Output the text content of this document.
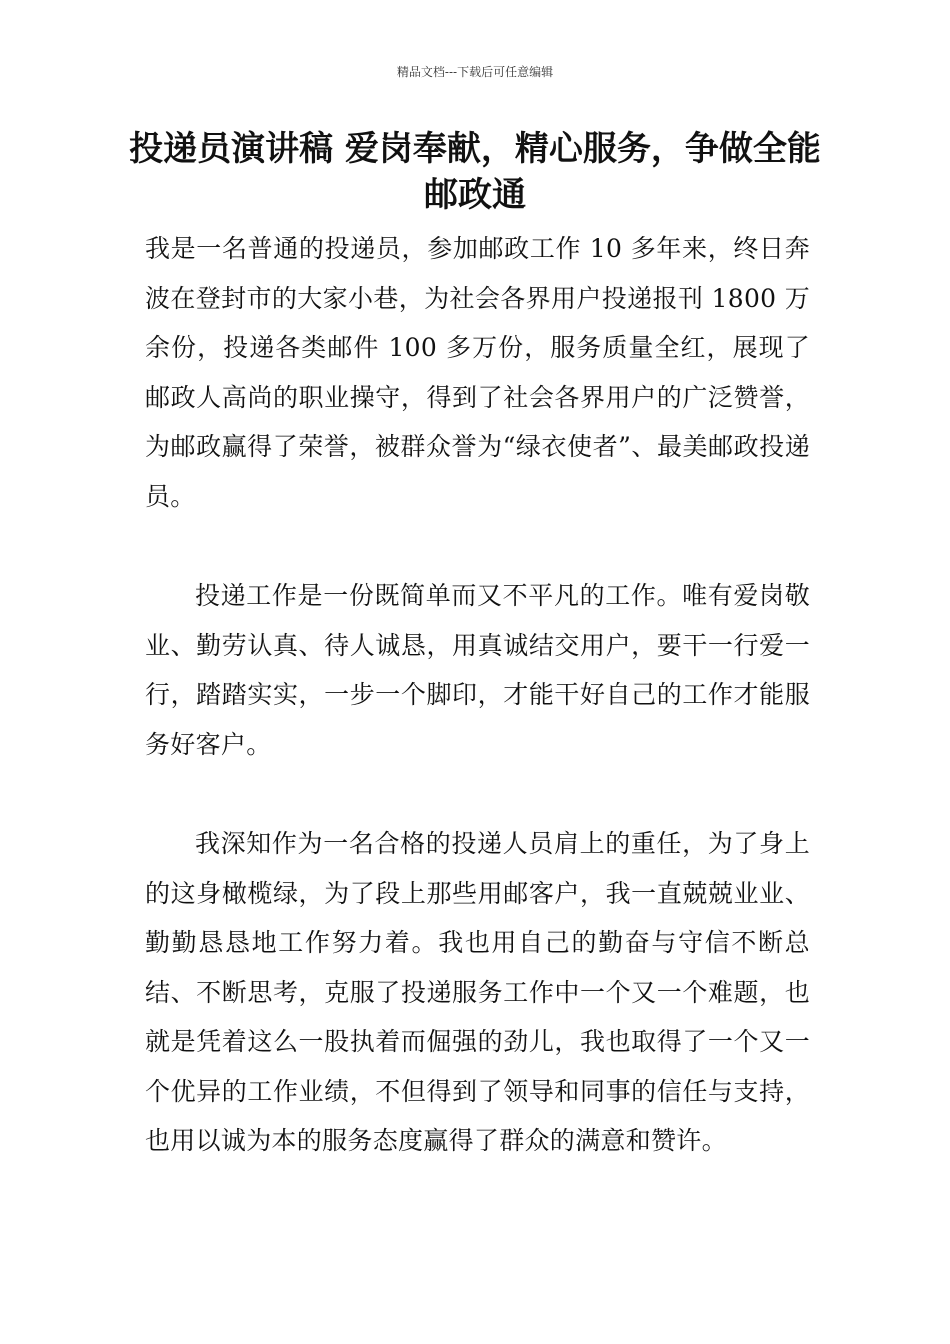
精品文档---下载后可任意编辑
投递员演讲稿 爱岗奉献，精心服务，争做全能邮政通

我是一名普通的投递员，参加邮政工作 10 多年来，终日奔波在登封市的大家小巷，为社会各界用户投递报刊 1800 万余份，投递各类邮件 100 多万份，服务质量全红，展现了邮政人高尚的职业操守，得到了社会各界用户的广泛赞誉，为邮政赢得了荣誉，被群众誉为“绿衣使者”、最美邮政投递员。

投递工作是一份既简单而又不平凡的工作。唯有爱岗敬业、勤劳认真、待人诚恳，用真诚结交用户，要干一行爱一行，踏踏实实，一步一个脚印，才能干好自己的工作才能服务好客户。

我深知作为一名合格的投递人员肩上的重任，为了身上的这身橄榄绿，为了段上那些用邮客户，我一直兢兢业业、勤勤恳恳地工作努力着。我也用自己的勤奋与守信不断总结、不断思考，克服了投递服务工作中一个又一个难题，也就是凭着这么一股执着而倔强的劲儿，我也取得了一个又一个优异的工作业绩，不但得到了领导和同事的信任与支持，也用以诚为本的服务态度赢得了群众的满意和赞许。
